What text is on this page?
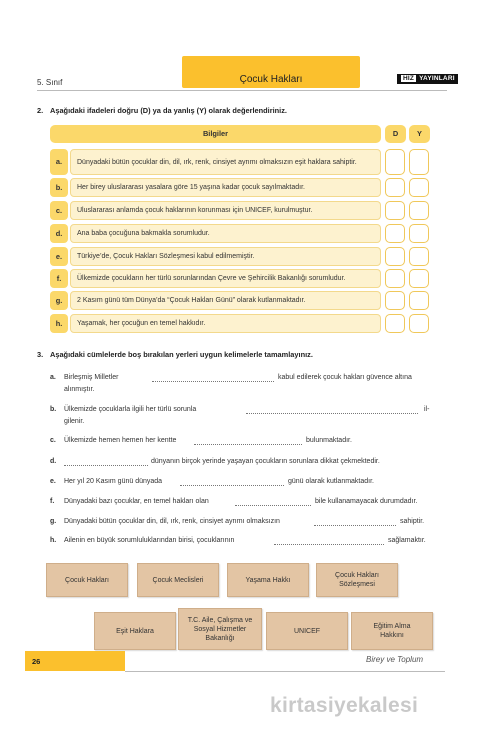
5. Sınıf	Çocuk Hakları	HIZ YAYINLARI
2. Aşağıdaki ifadeleri doğru (D) ya da yanlış (Y) olarak değerlendiriniz.
Bilgiler	D	Y
a.	Dünyadaki bütün çocuklar din, dil, ırk, renk, cinsiyet ayrımı olmaksızın eşit haklara sahiptir.
b.	Her birey uluslararası yasalara göre 15 yaşına kadar çocuk sayılmaktadır.
c.	Uluslararası anlamda çocuk haklarının korunması için UNICEF, kurulmuştur.
d.	Ana baba çocuğuna bakmakla sorumludur.
e.	Türkiye’de, Çocuk Hakları Sözleşmesi kabul edilmemiştir.
f.	Ülkemizde çocukların her türlü sorunlarından Çevre ve Şehircilik Bakanlığı sorumludur.
g.	2 Kasım günü tüm Dünya’da “Çocuk Hakları Günü” olarak kutlanmaktadır.
h.	Yaşamak, her çocuğun en temel hakkıdır.
3. Aşağıdaki cümlelerde boş bırakılan yerleri uygun kelimelerle tamamlayınız.
a. Birleşmiş Milletler	kabul edilerek çocuk hakları güvence altına
alınmıştır.
b. Ülkemizde çocuklarla ilgili her türlü sorunla	il-
gilenir.
c. Ülkemizde hemen hemen her kentte	bulunmaktadır.
d.	dünyanın birçok yerinde yaşayan çocukların sorunlara dikkat çekmektedir.
e. Her yıl 20 Kasım günü dünyada	günü olarak kutlanmaktadır.
f. Dünyadaki bazı çocuklar, en temel hakları olan	bile kullanamayacak durumdadır.
g. Dünyadaki bütün çocuklar din, dil, ırk, renk, cinsiyet ayrımı olmaksızın	sahiptir.
h. Ailenin en büyük sorumluluklarından birisi, çocuklarının	sağlamaktır.
Çocuk Hakları	Çocuk Meclisleri	Yaşama Hakkı
Çocuk Hakları Sözleşmesi
Eşit Haklara
T.C. Aile, Çalışma ve Sosyal Hizmetler Bakanlığı
UNICEF
Eğitim Alma Hakkını
26	Birey ve Toplum
kirtasiyekalesi
